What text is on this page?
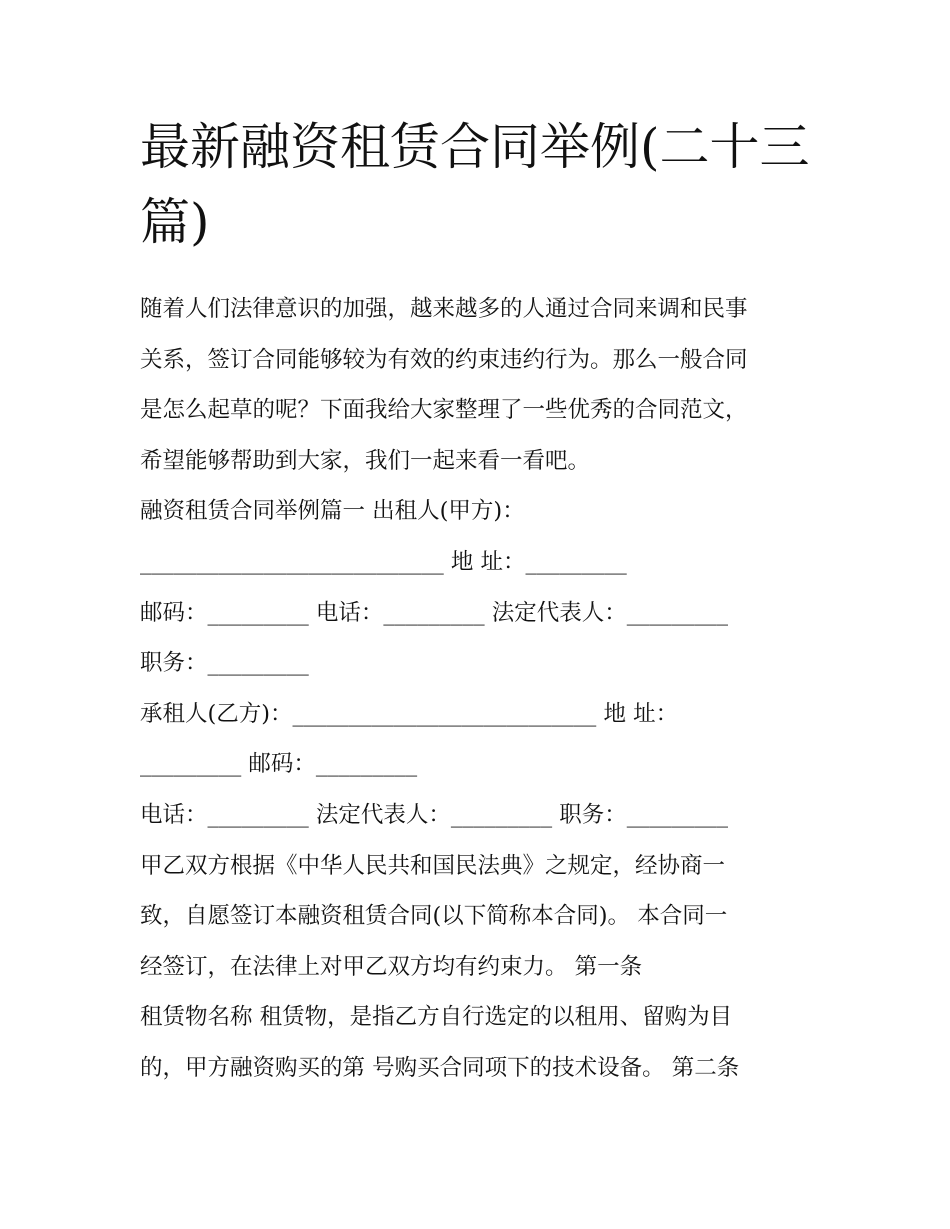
最新融资租赁合同举例(二十三
篇)
随着人们法律意识的加强，越来越多的人通过合同来调和民事
关系，签订合同能够较为有效的约束违约行为。那么一般合同
是怎么起草的呢？下面我给大家整理了一些优秀的合同范文，
希望能够帮助到大家，我们一起来看一看吧。
融资租赁合同举例篇一 出租人(甲方)：
___________________________ 地 址：_________
邮码：_________ 电话：_________ 法定代表人：_________
职务：_________
承租人(乙方)：___________________________ 地 址：
_________ 邮码：_________
电话：_________ 法定代表人：_________ 职务：_________
甲乙双方根据《中华人民共和国民法典》之规定，经协商一
致，自愿签订本融资租赁合同(以下简称本合同)。 本合同一
经签订，在法律上对甲乙双方均有约束力。 第一条
租赁物名称 租赁物，是指乙方自行选定的以租用、留购为目
的，甲方融资购买的第 号购买合同项下的技术设备。 第二条
